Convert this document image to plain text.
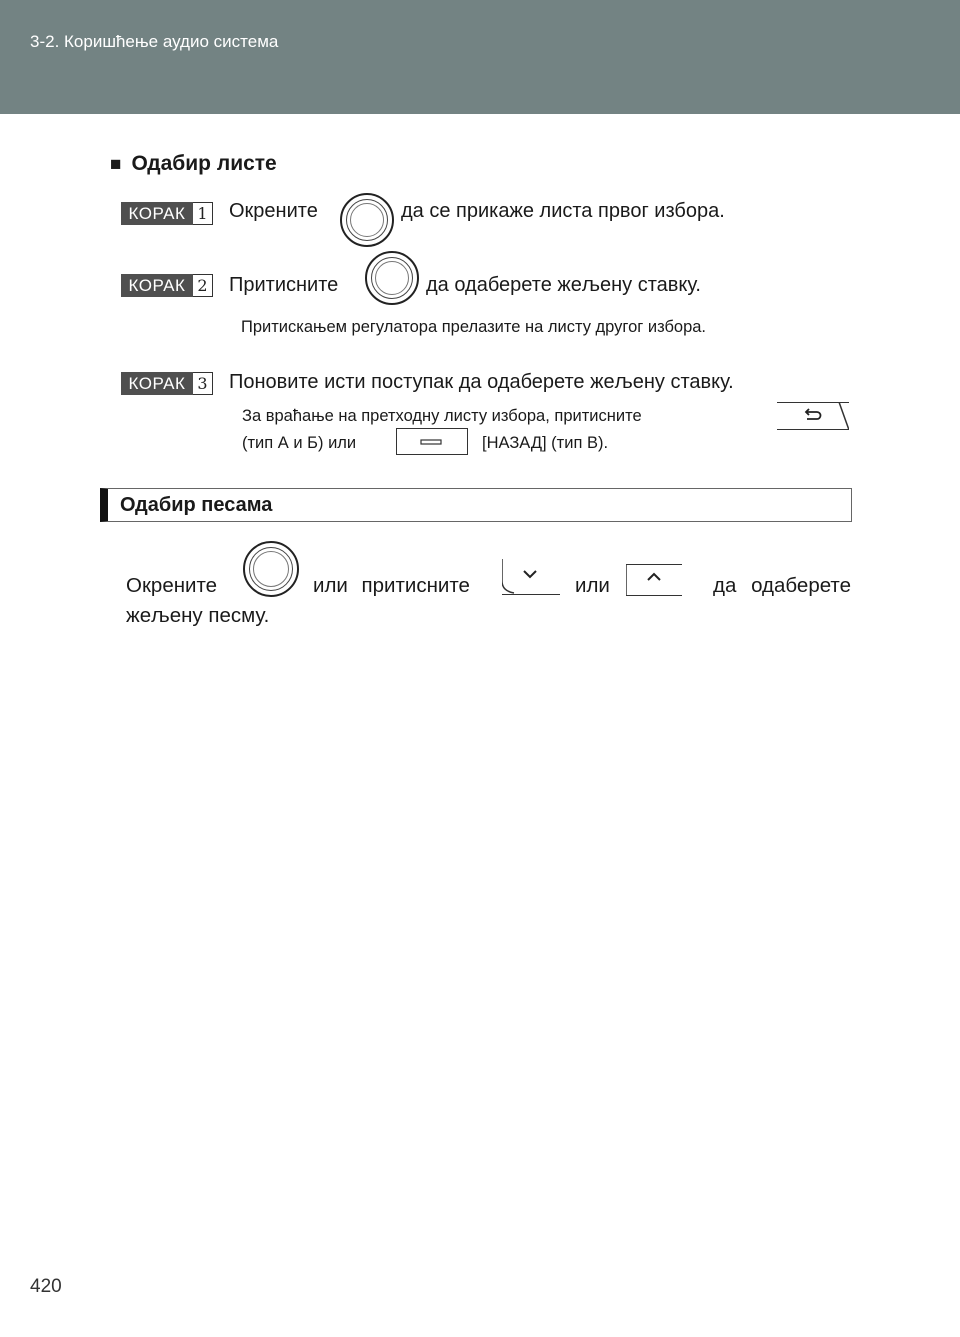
3-2. Коришћење аудио система
■ Одабир листе
КОРАК 1 Окрените	да се прикаже листа првог избора.
КОРАК 2 Притисните	да одаберете жељену ставку.
Притискањем регулатора прелазите на листу другог избора.
КОРАК 3 Поновите исти поступак да одаберете жељену ставку.
За враћање на претходну листу избора, притисните
(тип А и Б) или	[НАЗАД] (тип В).
Одабир песама
Окрените	или притисните	или	да одаберете
жељену песму.
420
